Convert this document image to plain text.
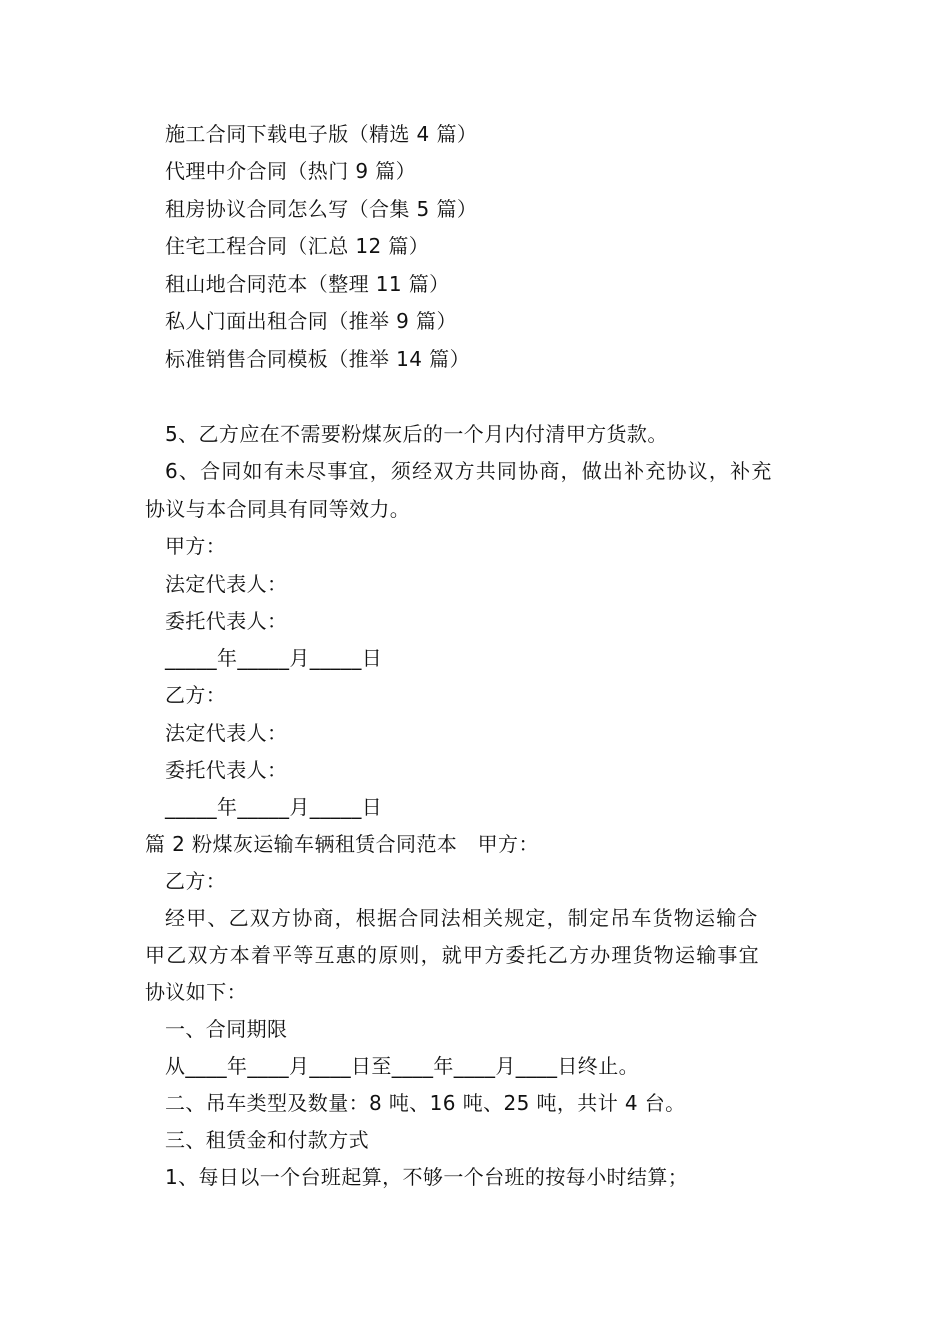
施工合同下载电子版（精选 4 篇）
代理中介合同（热门 9 篇）
租房协议合同怎么写（合集 5 篇）
住宅工程合同（汇总 12 篇）
租山地合同范本（整理 11 篇）
私人门面出租合同（推举 9 篇）
标准销售合同模板（推举 14 篇）
5、乙方应在不需要粉煤灰后的一个月内付清甲方货款。
6、合同如有未尽事宜，须经双方共同协商，做出补充协议，补充
协议与本合同具有同等效力。
甲方：
法定代表人：
委托代表人：
_____年_____月_____日
乙方：
法定代表人：
委托代表人：
_____年_____月_____日
篇 2 粉煤灰运输车辆租赁合同范本　甲方：
乙方：
经甲、乙双方协商，根据合同法相关规定，制定吊车货物运输合
甲乙双方本着平等互惠的原则，就甲方委托乙方办理货物运输事宜
协议如下：
一、合同期限
从____年____月____日至____年____月____日终止。
二、吊车类型及数量：8 吨、16 吨、25 吨，共计 4 台。
三、租赁金和付款方式
1、每日以一个台班起算，不够一个台班的按每小时结算；
